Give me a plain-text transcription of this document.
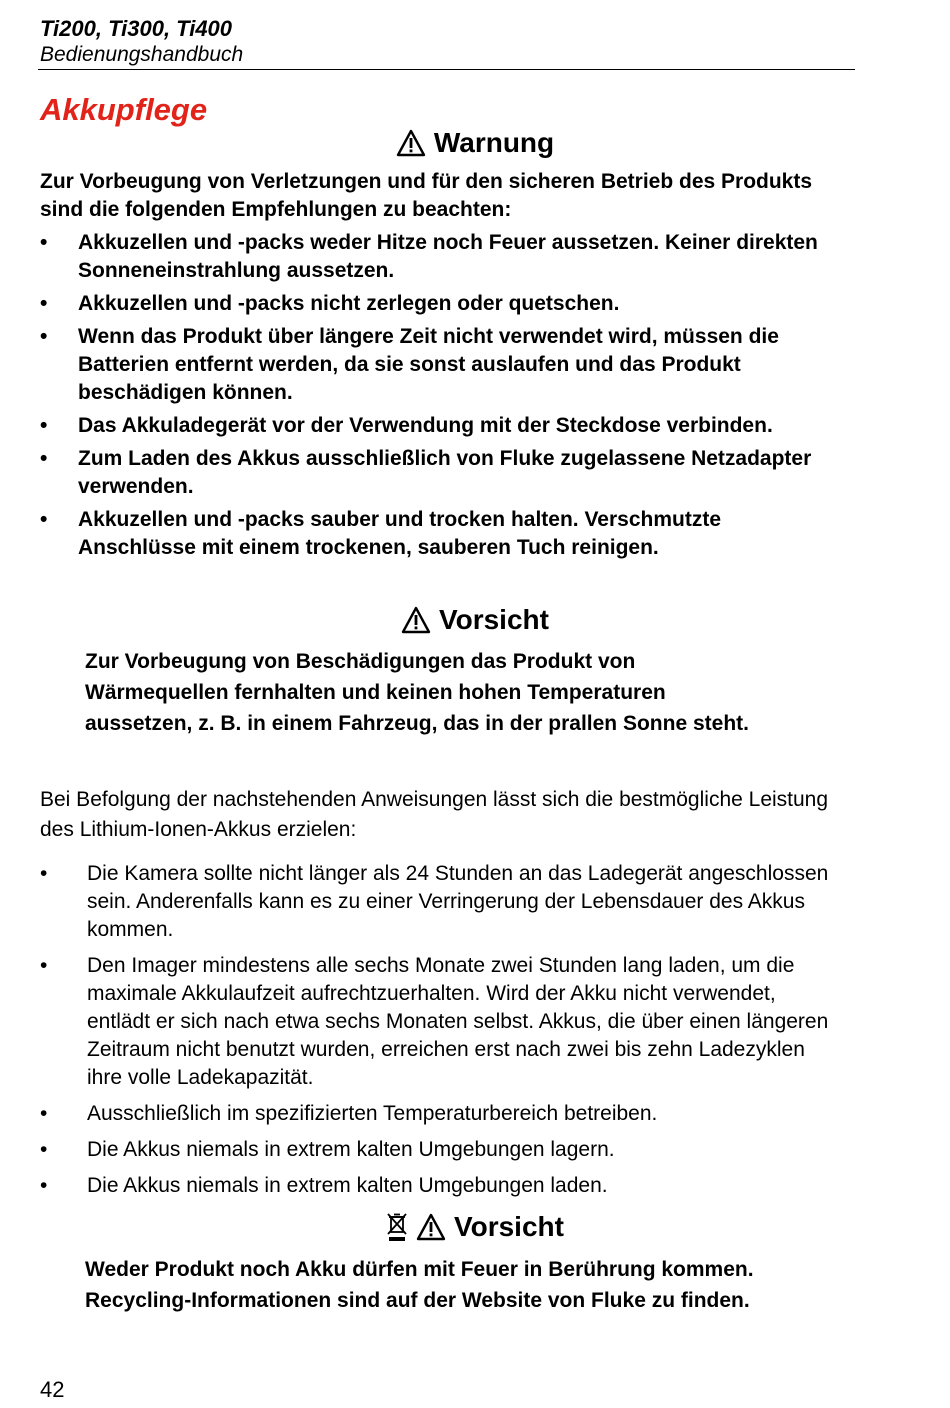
Ti200, Ti300, Ti400
Bedienungshandbuch
Akkupflege
Warnung
Zur Vorbeugung von Verletzungen und für den sicheren Betrieb des Produkts sind die folgenden Empfehlungen zu beachten:
• Akkuzellen und -packs weder Hitze noch Feuer aussetzen. Keiner direkten Sonneneinstrahlung aussetzen.
• Akkuzellen und -packs nicht zerlegen oder quetschen.
• Wenn das Produkt über längere Zeit nicht verwendet wird, müssen die Batterien entfernt werden, da sie sonst auslaufen und das Produkt beschädigen können.
• Das Akkuladegerät vor der Verwendung mit der Steckdose verbinden.
• Zum Laden des Akkus ausschließlich von Fluke zugelassene Netzadapter verwenden.
• Akkuzellen und -packs sauber und trocken halten. Verschmutzte Anschlüsse mit einem trockenen, sauberen Tuch reinigen.
Vorsicht
Zur Vorbeugung von Beschädigungen das Produkt von Wärmequellen fernhalten und keinen hohen Temperaturen aussetzen, z. B. in einem Fahrzeug, das in der prallen Sonne steht.
Bei Befolgung der nachstehenden Anweisungen lässt sich die bestmögliche Leistung des Lithium-Ionen-Akkus erzielen:
• Die Kamera sollte nicht länger als 24 Stunden an das Ladegerät angeschlossen sein. Anderenfalls kann es zu einer Verringerung der Lebensdauer des Akkus kommen.
• Den Imager mindestens alle sechs Monate zwei Stunden lang laden, um die maximale Akkulaufzeit aufrechtzuerhalten. Wird der Akku nicht verwendet, entlädt er sich nach etwa sechs Monaten selbst. Akkus, die über einen längeren Zeitraum nicht benutzt wurden, erreichen erst nach zwei bis zehn Ladezyklen ihre volle Ladekapazität.
• Ausschließlich im spezifizierten Temperaturbereich betreiben.
• Die Akkus niemals in extrem kalten Umgebungen lagern.
• Die Akkus niemals in extrem kalten Umgebungen laden.
Vorsicht
Weder Produkt noch Akku dürfen mit Feuer in Berührung kommen. Recycling-Informationen sind auf der Website von Fluke zu finden.
42
